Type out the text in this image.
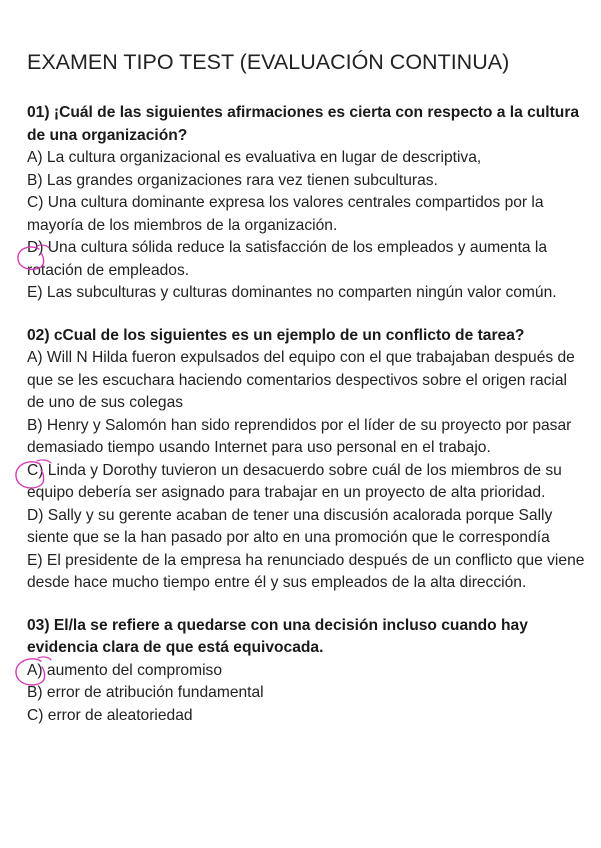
EXAMEN TIPO TEST (EVALUACIÓN CONTINUA)

01) ¡Cuál de las siguientes afirmaciones es cierta con respecto a la cultura de una organización?

A) La cultura organizacional es evaluativa en lugar de descriptiva,

B) Las grandes organizaciones rara vez tienen subculturas.

C) Una cultura dominante expresa los valores centrales compartidos por la mayoría de los miembros de la organización.

D) Una cultura sólida reduce la satisfacción de los empleados y aumenta la rotación de empleados.

E) Las subculturas y culturas dominantes no comparten ningún valor común.

02) cCual de los siguientes es un ejemplo de un conflicto de tarea?

A) Will N Hilda fueron expulsados del equipo con el que trabajaban después de que se les escuchara haciendo comentarios despectivos sobre el origen racial de uno de sus colegas

B) Henry y Salomón han sido reprendidos por el líder de su proyecto por pasar demasiado tiempo usando Internet para uso personal en el trabajo.

C) Linda y Dorothy tuvieron un desacuerdo sobre cuál de los miembros de su equipo debería ser asignado para trabajar en un proyecto de alta prioridad.

D) Sally y su gerente acaban de tener una discusión acalorada porque Sally siente que se la han pasado por alto en una promoción que le correspondía

E) El presidente de la empresa ha renunciado después de un conflicto que viene desde hace mucho tiempo entre él y sus empleados de la alta dirección.

03) El/la se refiere a quedarse con una decisión incluso cuando hay evidencia clara de que está equivocada.

A) aumento del compromiso

B) error de atribución fundamental

C) error de aleatoriedad
